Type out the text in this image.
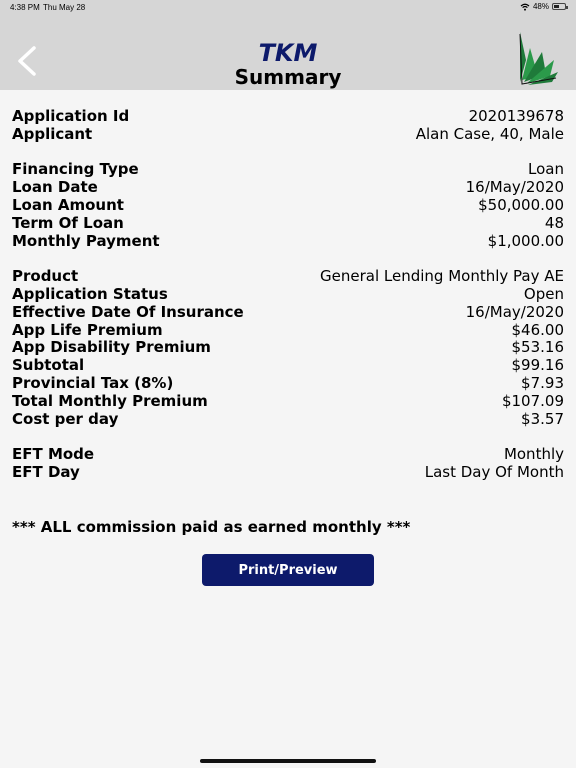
4:38 PM Thu May 28	48%
TKM
Summary
Application Id	2020139678
Applicant	Alan Case, 40, Male
Financing Type	Loan
Loan Date	16/May/2020
Loan Amount	$50,000.00
Term Of Loan	48
Monthly Payment	$1,000.00
Product	General Lending Monthly Pay AE
Application Status	Open
Effective Date Of Insurance	16/May/2020
App Life Premium	$46.00
App Disability Premium	$53.16
Subtotal	$99.16
Provincial Tax (8%)	$7.93
Total Monthly Premium	$107.09
Cost per day	$3.57
EFT Mode	Monthly
EFT Day	Last Day Of Month
*** ALL commission paid as earned monthly ***
Print/Preview
